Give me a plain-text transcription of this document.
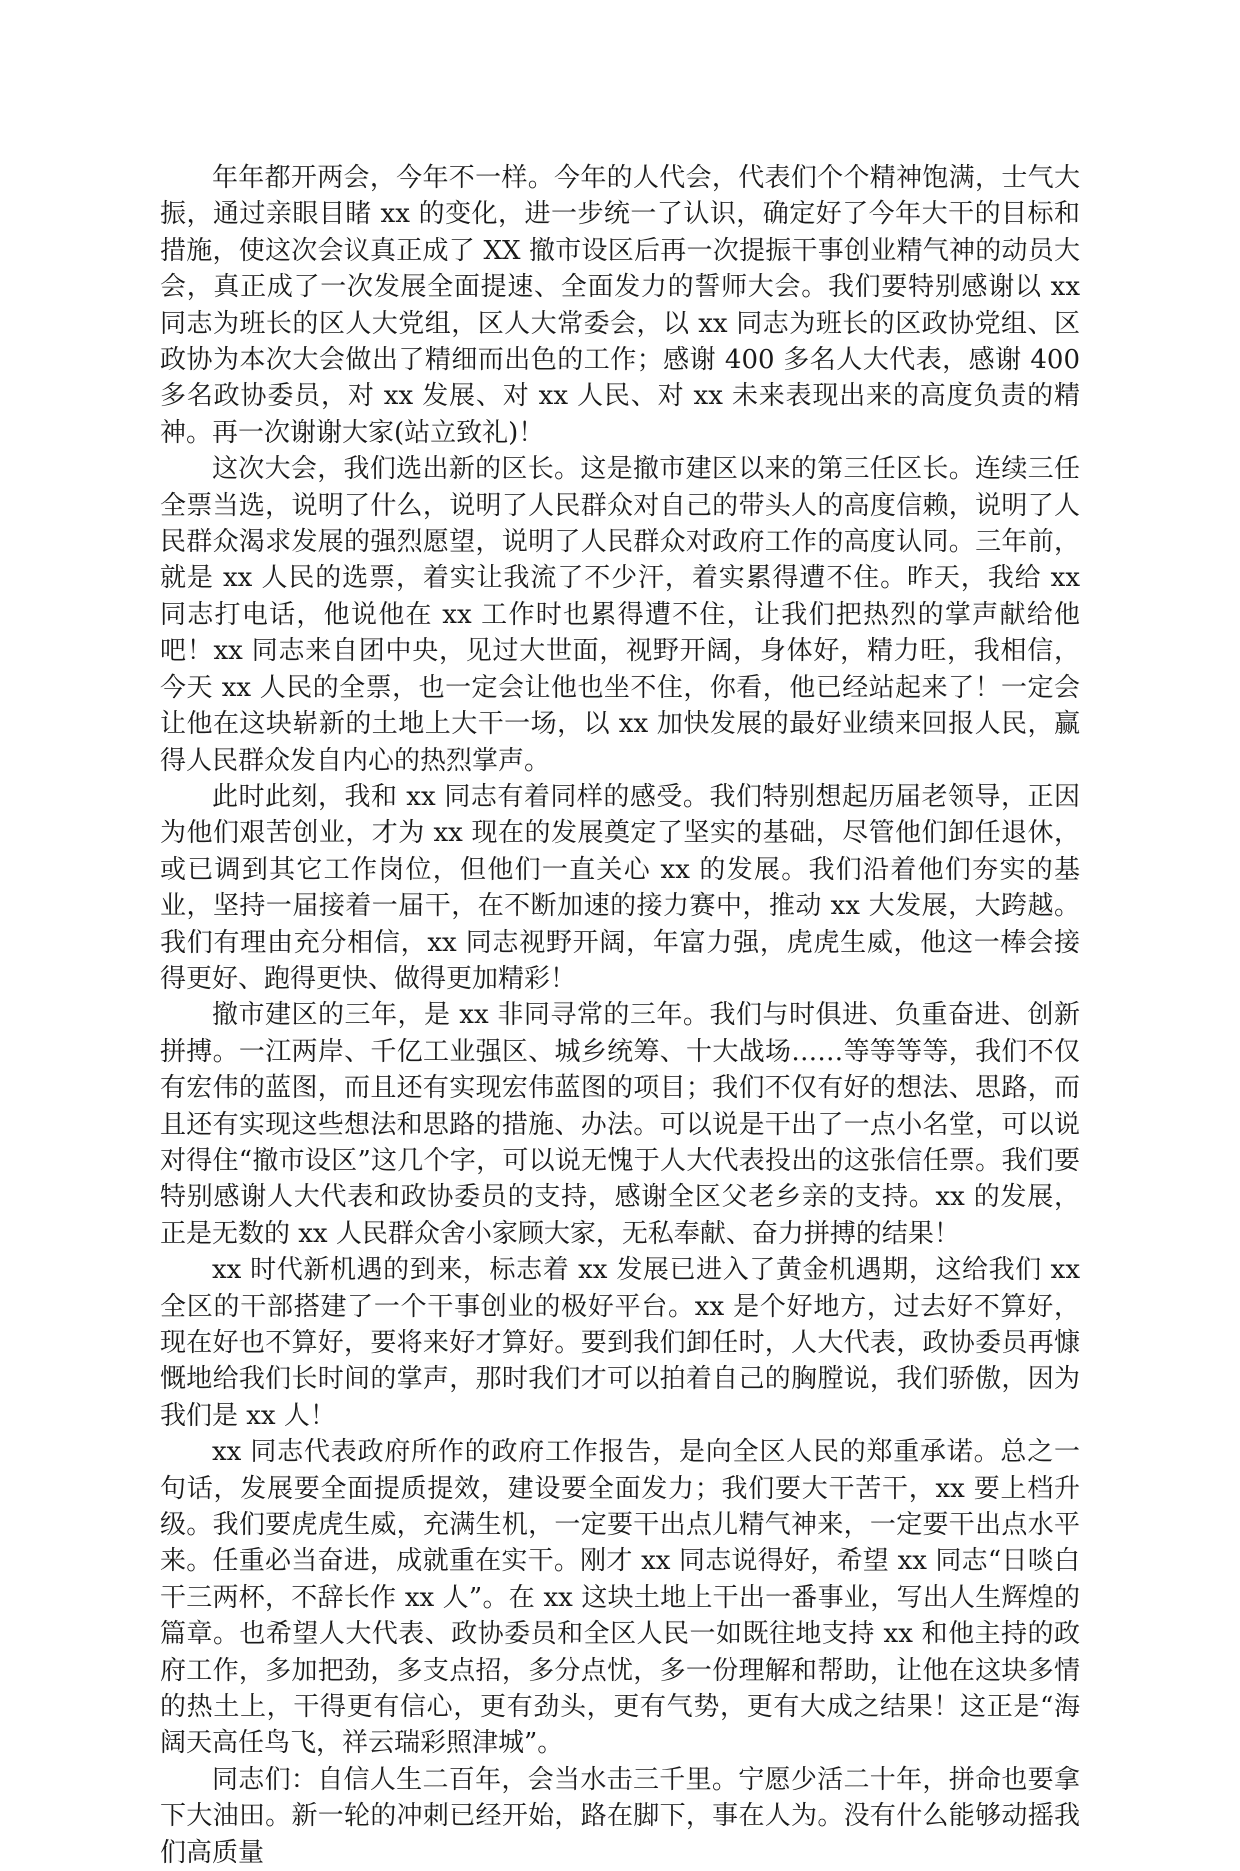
年年都开两会，今年不一样。今年的人代会，代表们个个精神饱满，士气大振，通过亲眼目睹 xx 的变化，进一步统一了认识，确定好了今年大干的目标和措施，使这次会议真正成了 XX 撤市设区后再一次提振干事创业精气神的动员大会，真正成了一次发展全面提速、全面发力的誓师大会。我们要特别感谢以 xx 同志为班长的区人大党组，区人大常委会，以 xx 同志为班长的区政协党组、区政协为本次大会做出了精细而出色的工作；感谢 400 多名人大代表，感谢 400 多名政协委员，对 xx 发展、对 xx 人民、对 xx 未来表现出来的高度负责的精神。再一次谢谢大家(站立致礼)！

这次大会，我们选出新的区长。这是撤市建区以来的第三任区长。连续三任全票当选，说明了什么，说明了人民群众对自己的带头人的高度信赖，说明了人民群众渴求发展的强烈愿望，说明了人民群众对政府工作的高度认同。三年前，就是 xx 人民的选票，着实让我流了不少汗，着实累得遭不住。昨天，我给 xx 同志打电话，他说他在 xx 工作时也累得遭不住，让我们把热烈的掌声献给他吧！xx 同志来自团中央，见过大世面，视野开阔，身体好，精力旺，我相信，今天 xx 人民的全票，也一定会让他也坐不住，你看，他已经站起来了！一定会让他在这块崭新的土地上大干一场，以 xx 加快发展的最好业绩来回报人民，赢得人民群众发自内心的热烈掌声。

此时此刻，我和 xx 同志有着同样的感受。我们特别想起历届老领导，正因为他们艰苦创业，才为 xx 现在的发展奠定了坚实的基础，尽管他们卸任退休，或已调到其它工作岗位，但他们一直关心 xx 的发展。我们沿着他们夯实的基业，坚持一届接着一届干，在不断加速的接力赛中，推动 xx 大发展，大跨越。我们有理由充分相信，xx 同志视野开阔，年富力强，虎虎生威，他这一棒会接得更好、跑得更快、做得更加精彩！

撤市建区的三年，是 xx 非同寻常的三年。我们与时俱进、负重奋进、创新拼搏。一江两岸、千亿工业强区、城乡统筹、十大战场……等等等等，我们不仅有宏伟的蓝图，而且还有实现宏伟蓝图的项目；我们不仅有好的想法、思路，而且还有实现这些想法和思路的措施、办法。可以说是干出了一点小名堂，可以说对得住“撤市设区”这几个字，可以说无愧于人大代表投出的这张信任票。我们要特别感谢人大代表和政协委员的支持，感谢全区父老乡亲的支持。xx 的发展，正是无数的 xx 人民群众舍小家顾大家，无私奉献、奋力拼搏的结果！

xx 时代新机遇的到来，标志着 xx 发展已进入了黄金机遇期，这给我们 xx 全区的干部搭建了一个干事创业的极好平台。xx 是个好地方，过去好不算好，现在好也不算好，要将来好才算好。要到我们卸任时，人大代表，政协委员再慷慨地给我们长时间的掌声，那时我们才可以拍着自己的胸膛说，我们骄傲，因为我们是 xx 人！

xx 同志代表政府所作的政府工作报告，是向全区人民的郑重承诺。总之一句话，发展要全面提质提效，建设要全面发力；我们要大干苦干，xx 要上档升级。我们要虎虎生威，充满生机，一定要干出点儿精气神来，一定要干出点水平来。任重必当奋进，成就重在实干。刚才 xx 同志说得好，希望 xx 同志“日啖白干三两杯，不辞长作 xx 人”。在 xx 这块土地上干出一番事业，写出人生辉煌的篇章。也希望人大代表、政协委员和全区人民一如既往地支持 xx 和他主持的政府工作，多加把劲，多支点招，多分点忧，多一份理解和帮助，让他在这块多情的热土上，干得更有信心，更有劲头，更有气势，更有大成之结果！这正是“海阔天高任鸟飞，祥云瑞彩照津城”。

同志们：自信人生二百年，会当水击三千里。宁愿少活二十年，拼命也要拿下大油田。新一轮的冲刺已经开始，路在脚下，事在人为。没有什么能够动摇我们高质量
